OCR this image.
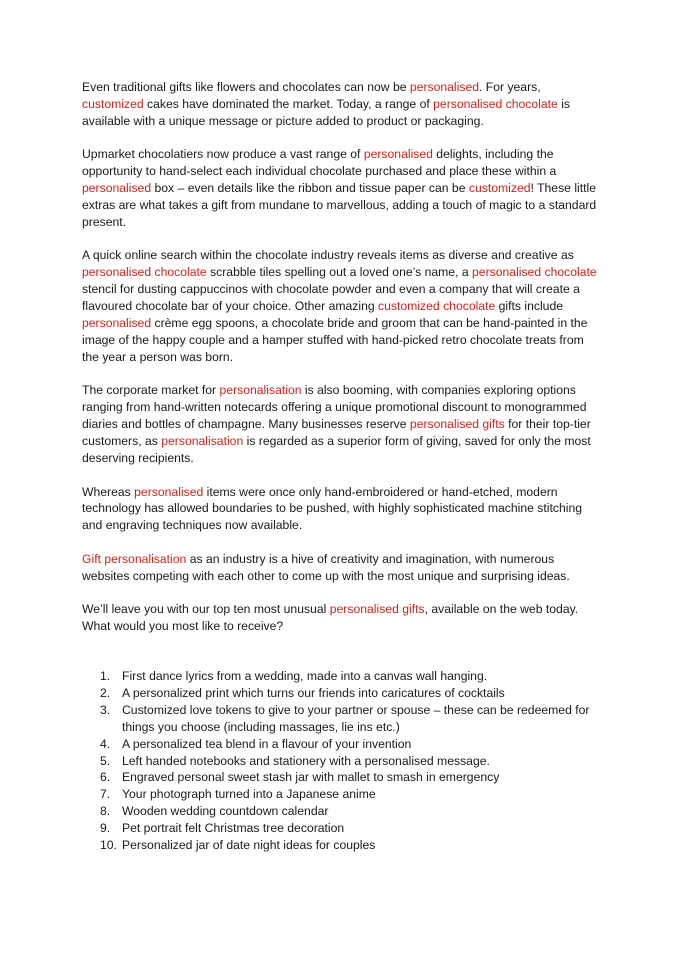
Even traditional gifts like flowers and chocolates can now be personalised. For years, customized cakes have dominated the market. Today, a range of personalised chocolate is available with a unique message or picture added to product or packaging.

Upmarket chocolatiers now produce a vast range of personalised delights, including the opportunity to hand-select each individual chocolate purchased and place these within a personalised box – even details like the ribbon and tissue paper can be customized! These little extras are what takes a gift from mundane to marvellous, adding a touch of magic to a standard present.

A quick online search within the chocolate industry reveals items as diverse and creative as personalised chocolate scrabble tiles spelling out a loved one’s name, a personalised chocolate stencil for dusting cappuccinos with chocolate powder and even a company that will create a flavoured chocolate bar of your choice. Other amazing customized chocolate gifts include personalised crème egg spoons, a chocolate bride and groom that can be hand-painted in the image of the happy couple and a hamper stuffed with hand-picked retro chocolate treats from the year a person was born.

The corporate market for personalisation is also booming, with companies exploring options ranging from hand-written notecards offering a unique promotional discount to monogrammed diaries and bottles of champagne. Many businesses reserve personalised gifts for their top-tier customers, as personalisation is regarded as a superior form of giving, saved for only the most deserving recipients.

Whereas personalised items were once only hand-embroidered or hand-etched, modern technology has allowed boundaries to be pushed, with highly sophisticated machine stitching and engraving techniques now available.

Gift personalisation as an industry is a hive of creativity and imagination, with numerous websites competing with each other to come up with the most unique and surprising ideas.

We’ll leave you with our top ten most unusual personalised gifts, available on the web today. What would you most like to receive?

1. First dance lyrics from a wedding, made into a canvas wall hanging.
2. A personalized print which turns our friends into caricatures of cocktails
3. Customized love tokens to give to your partner or spouse – these can be redeemed for things you choose (including massages, lie ins etc.)
4. A personalized tea blend in a flavour of your invention
5. Left handed notebooks and stationery with a personalised message.
6. Engraved personal sweet stash jar with mallet to smash in emergency
7. Your photograph turned into a Japanese anime
8. Wooden wedding countdown calendar
9. Pet portrait felt Christmas tree decoration
10. Personalized jar of date night ideas for couples
